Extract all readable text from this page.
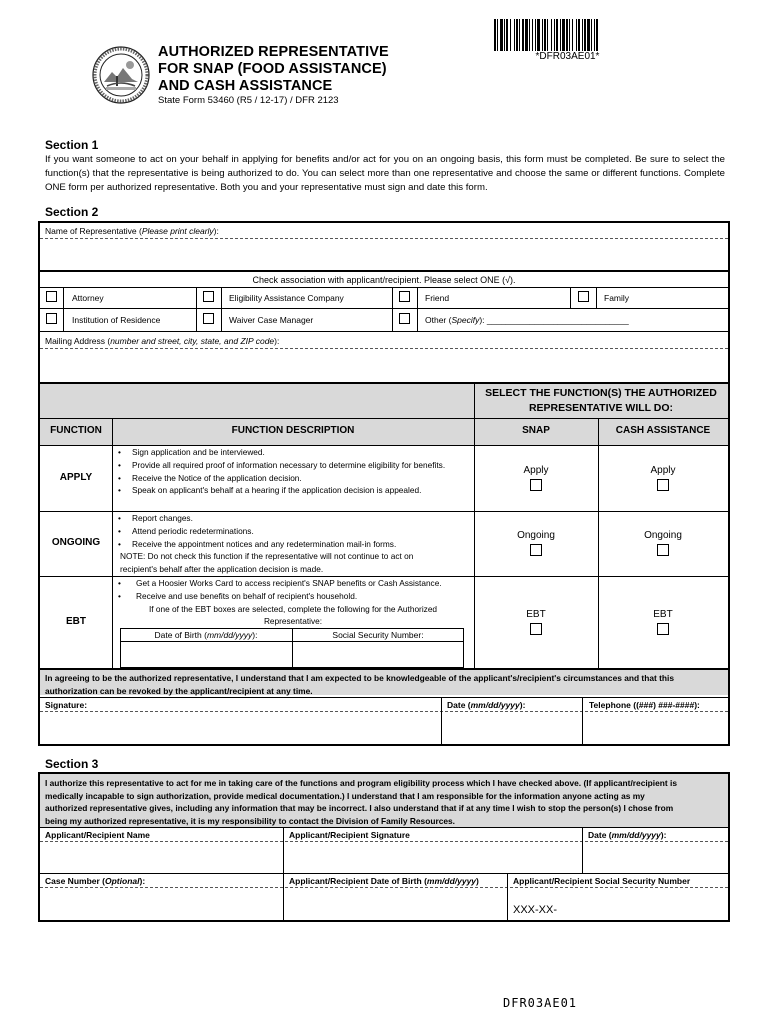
AUTHORIZED REPRESENTATIVE
FOR SNAP (FOOD ASSISTANCE)
AND CASH ASSISTANCE
State Form 53460 (R5 / 12-17) / DFR 2123
*DFR03AE01*
Section 1
If you want someone to act on your behalf in applying for benefits and/or act for you on an ongoing basis, this form must be completed. Be sure to select the function(s) that the representative is being authorized to do. You can select more than one representative and choose the same or different functions. Complete ONE form per authorized representative. Both you and your representative must sign and date this form.
Section 2
Name of Representative (Please print clearly):
Check association with applicant/recipient. Please select ONE (√).
Attorney	Eligibility Assistance Company	Friend	Family
Institution of Residence	Waiver Case Manager	Other (Specify): ______________________________
Mailing Address (number and street, city, state, and ZIP code):
SELECT THE FUNCTION(S) THE AUTHORIZED
REPRESENTATIVE WILL DO:
FUNCTION	FUNCTION DESCRIPTION	SNAP	CASH ASSISTANCE
APPLY
• Sign application and be interviewed.
• Provide all required proof of information necessary to determine eligibility for benefits.
• Receive the Notice of the application decision.
• Speak on applicant's behalf at a hearing if the application decision is appealed.
Apply	Apply
ONGOING
• Report changes.
• Attend periodic redeterminations.
• Receive the appointment notices and any redetermination mail-in forms.
NOTE: Do not check this function if the representative will not continue to act on
recipient's behalf after the application decision is made.
Ongoing	Ongoing
EBT
• Get a Hoosier Works Card to access recipient's SNAP benefits or Cash Assistance.
• Receive and use benefits on behalf of recipient's household.
If one of the EBT boxes are selected, complete the following for the Authorized
Representative:
Date of Birth (mm/dd/yyyy):	Social Security Number:
EBT	EBT
In agreeing to be the authorized representative, I understand that I am expected to be knowledgeable of the applicant's/recipient's circumstances and that this
authorization can be revoked by the applicant/recipient at any time.
Signature:	Date (mm/dd/yyyy):	Telephone ((###) ###-####):
Section 3
I authorize this representative to act for me in taking care of the functions and program eligibility process which I have checked above. (If applicant/recipient is
medically incapable to sign authorization, provide medical documentation.) I understand that I am responsible for the information anyone acting as my
authorized representative gives, including any information that may be incorrect. I also understand that if at any time I wish to stop the person(s) I chose from
being my authorized representative, it is my responsibility to contact the Division of Family Resources.
Applicant/Recipient Name	Applicant/Recipient Signature	Date (mm/dd/yyyy):
Case Number (Optional):	Applicant/Recipient Date of Birth (mm/dd/yyyy)	Applicant/Recipient Social Security Number
XXX-XX-
DFR03AE01
